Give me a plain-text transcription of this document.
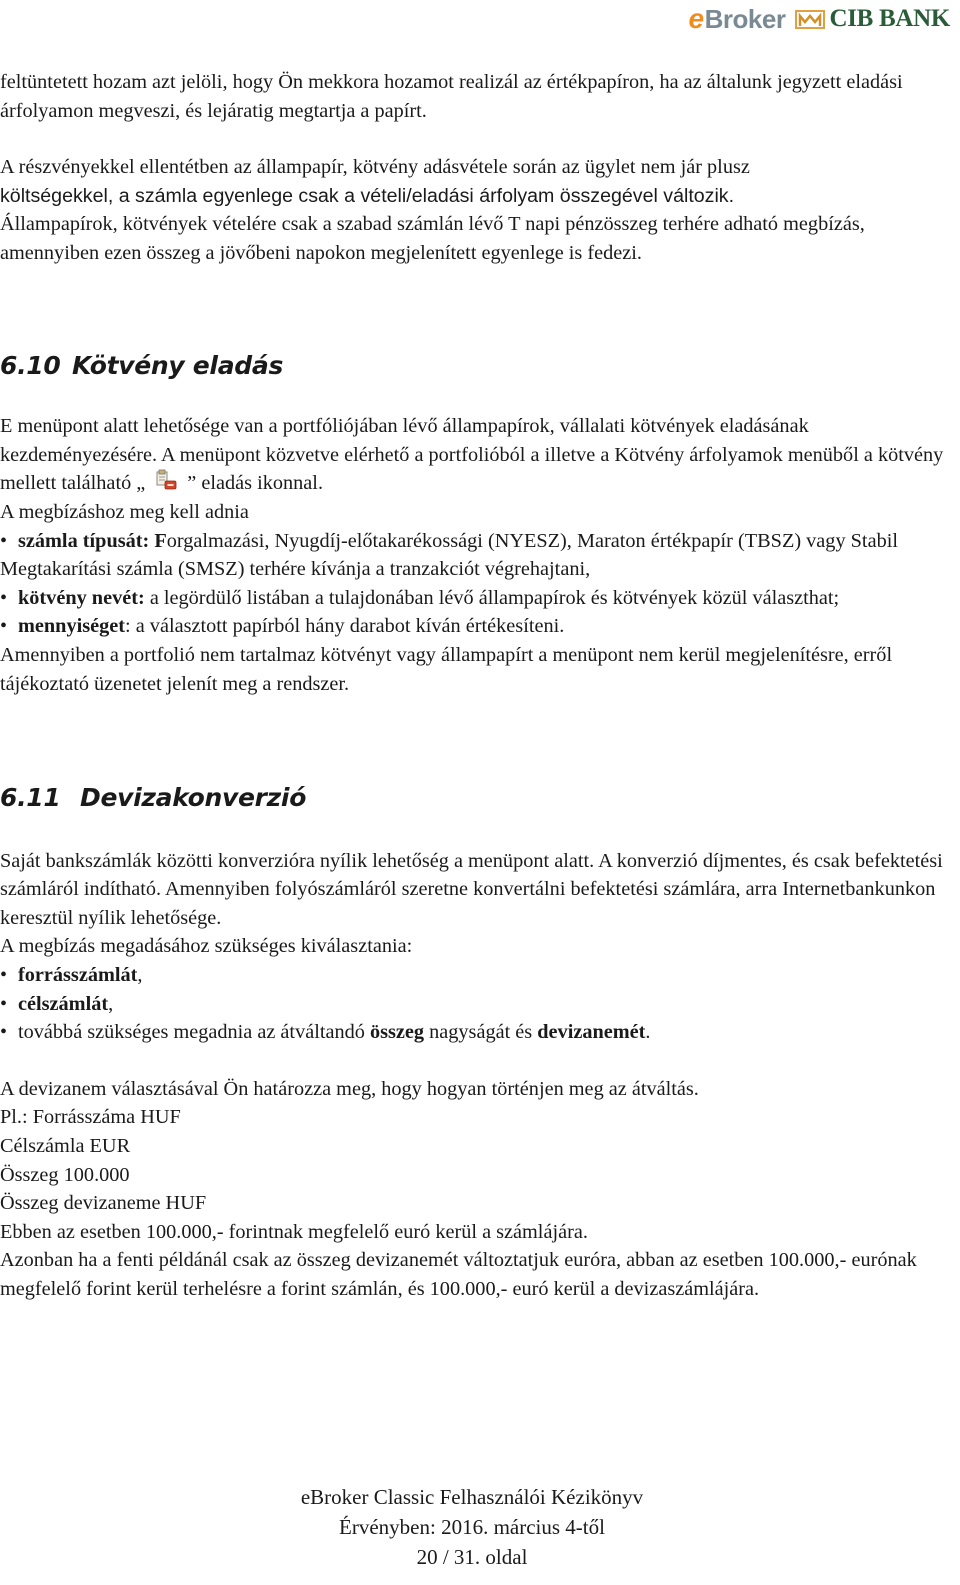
e Broker CIB BANK

feltüntetett hozam azt jelöli, hogy Ön mekkora hozamot realizál az értékpapíron, ha az általunk jegyzett eladási árfolyamon megveszi, és lejáratig megtartja a papírt.

A részvényekkel ellentétben az állampapír, kötvény adásvétele során az ügylet nem jár plusz
költségekkel, a számla egyenlege csak a vételi/eladási árfolyam összegével változik.

Állampapírok, kötvények vételére csak a szabad számlán lévő T napi pénzösszeg terhére adható megbízás, amennyiben ezen összeg a jövőbeni napokon megjelenített egyenlege is fedezi.

6.10 Kötvény eladás

E menüpont alatt lehetősége van a portfóliójában lévő állampapírok, vállalati kötvények eladásának kezdeményezésére. A menüpont közvetve elérhető a portfolióból a illetve a Kötvény árfolyamok menüből a kötvény mellett található „ ” eladás ikonnal.

A megbízáshoz meg kell adnia

• számla típusát: Forgalmazási, Nyugdíj-előtakarékossági (NYESZ), Maraton értékpapír (TBSZ) vagy Stabil Megtakarítási számla (SMSZ) terhére kívánja a tranzakciót végrehajtani,

• kötvény nevét: a legördülő listában a tulajdonában lévő állampapírok és kötvények közül választhat;

• mennyiséget: a választott papírból hány darabot kíván értékesíteni.

Amennyiben a portfolió nem tartalmaz kötvényt vagy állampapírt a menüpont nem kerül megjelenítésre, erről tájékoztató üzenetet jelenít meg a rendszer.

6.11 Devizakonverzió

Saját bankszámlák közötti konverzióra nyílik lehetőség a menüpont alatt. A konverzió díjmentes, és csak befektetési számláról indítható. Amennyiben folyószámláról szeretne konvertálni befektetési számlára, arra Internetbankunkon keresztül nyílik lehetősége.

A megbízás megadásához szükséges kiválasztania:

• forrásszámlát,

• célszámlát,

• továbbá szükséges megadnia az átváltandó összeg nagyságát és devizanemét.

A devizanem választásával Ön határozza meg, hogy hogyan történjen meg az átváltás.

Pl.: Forrásszáma HUF

Célszámla EUR

Összeg 100.000

Összeg devizaneme HUF

Ebben az esetben 100.000,- forintnak megfelelő euró kerül a számlájára.

Azonban ha a fenti példánál csak az összeg devizanemét változtatjuk euróra, abban az esetben 100.000,- eurónak megfelelő forint kerül terhelésre a forint számlán, és 100.000,- euró kerül a devizaszámlájára.

eBroker Classic Felhasználói Kézikönyv
Érvényben: 2016. március 4-től
20 / 31. oldal
